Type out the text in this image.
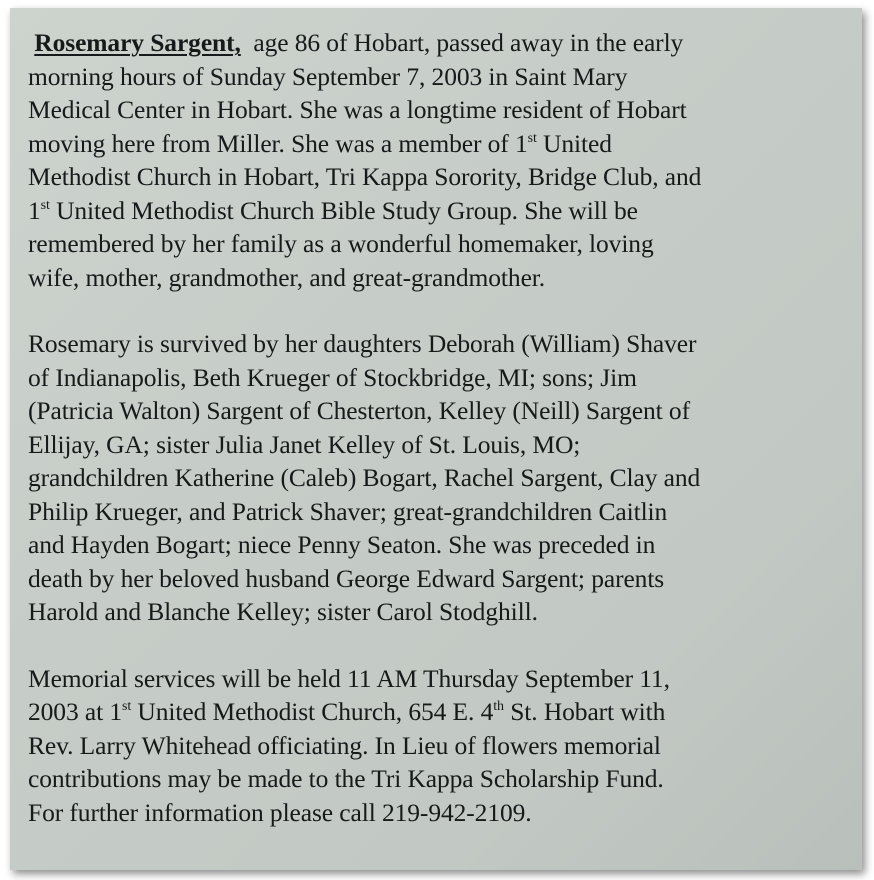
Rosemary Sargent, age 86 of Hobart, passed away in the early
morning hours of Sunday September 7, 2003 in Saint Mary
Medical Center in Hobart. She was a longtime resident of Hobart
moving here from Miller. She was a member of 1st United
Methodist Church in Hobart, Tri Kappa Sorority, Bridge Club, and
1st United Methodist Church Bible Study Group. She will be
remembered by her family as a wonderful homemaker, loving
wife, mother, grandmother, and great-grandmother.
Rosemary is survived by her daughters Deborah (William) Shaver
of Indianapolis, Beth Krueger of Stockbridge, MI; sons; Jim
(Patricia Walton) Sargent of Chesterton, Kelley (Neill) Sargent of
Ellijay, GA; sister Julia Janet Kelley of St. Louis, MO;
grandchildren Katherine (Caleb) Bogart, Rachel Sargent, Clay and
Philip Krueger, and Patrick Shaver; great-grandchildren Caitlin
and Hayden Bogart; niece Penny Seaton. She was preceded in
death by her beloved husband George Edward Sargent; parents
Harold and Blanche Kelley; sister Carol Stodghill.
Memorial services will be held 11 AM Thursday September 11,
2003 at 1st United Methodist Church, 654 E. 4th St. Hobart with
Rev. Larry Whitehead officiating. In Lieu of flowers memorial
contributions may be made to the Tri Kappa Scholarship Fund.
For further information please call 219-942-2109.
